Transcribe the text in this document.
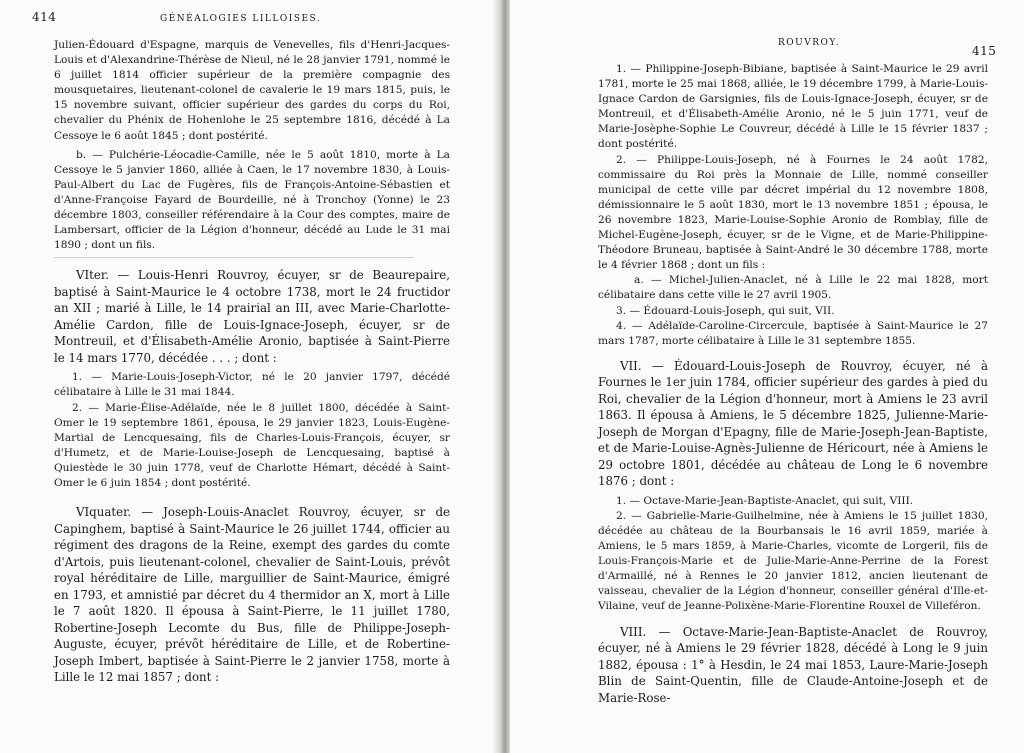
414	GÉNÉALOGIES LILLOISES.

Julien-Édouard d'Espagne, marquis de Venevelles, fils d'Henri-Jacques-Louis et d'Alexandrine-Thérèse de Nieul, né le 28 janvier 1791, nommé le 6 juillet 1814 officier supérieur de la première compagnie des mousquetaires, lieutenant-colonel de cavalerie le 19 mars 1815, puis, le 15 novembre suivant, officier supérieur des gardes du corps du Roi, chevalier du Phénix de Hohenlohe le 25 septembre 1816, décédé à La Cessoye le 6 août 1845 ; dont postérité.

b. — Pulchérie-Léocadie-Camille, née le 5 août 1810, morte à La Cessoye le 5 janvier 1860, alliée à Caen, le 17 novembre 1830, à Louis-Paul-Albert du Lac de Fugères, fils de François-Antoine-Sébastien et d'Anne-Françoise Fayard de Bourdeille, né à Tronchoy (Yonne) le 23 décembre 1803, conseiller référendaire à la Cour des comptes, maire de Lambersart, officier de la Légion d'honneur, décédé au Lude le 31 mai 1890 ; dont un fils.

VIter. — Louis-Henri Rouvroy, écuyer, sr de Beaurepaire, baptisé à Saint-Maurice le 4 octobre 1738, mort le 24 fructidor an XII ; marié à Lille, le 14 prairial an III, avec Marie-Charlotte-Amélie Cardon, fille de Louis-Ignace-Joseph, écuyer, sr de Montreuil, et d'Élisabeth-Amélie Aronio, baptisée à Saint-Pierre le 14 mars 1770, décédée . . . ; dont :

1. — Marie-Louis-Joseph-Victor, né le 20 janvier 1797, décédé célibataire à Lille le 31 mai 1844.

2. — Marie-Élise-Adélaïde, née le 8 juillet 1800, décédée à Saint-Omer le 19 septembre 1861, épousa, le 29 janvier 1823, Louis-Eugène-Martial de Lencquesaing, fils de Charles-Louis-François, écuyer, sr d'Humetz, et de Marie-Louise-Joseph de Lencquesaing, baptisé à Quiestède le 30 juin 1778, veuf de Charlotte Hémart, décédé à Saint-Omer le 6 juin 1854 ; dont postérité.

VIquater. — Joseph-Louis-Anaclet Rouvroy, écuyer, sr de Capinghem, baptisé à Saint-Maurice le 26 juillet 1744, officier au régiment des dragons de la Reine, exempt des gardes du comte d'Artois, puis lieutenant-colonel, chevalier de Saint-Louis, prévôt royal héréditaire de Lille, marguillier de Saint-Maurice, émigré en 1793, et amnistié par décret du 4 thermidor an X, mort à Lille le 7 août 1820. Il épousa à Saint-Pierre, le 11 juillet 1780, Robertine-Joseph Lecomte du Bus, fille de Philippe-Joseph-Auguste, écuyer, prévôt héréditaire de Lille, et de Robertine-Joseph Imbert, baptisée à Saint-Pierre le 2 janvier 1758, morte à Lille le 12 mai 1857 ; dont :

ROUVROY.
415

1. — Philippine-Joseph-Bibiane, baptisée à Saint-Maurice le 29 avril 1781, morte le 25 mai 1868, alliée, le 19 décembre 1799, à Marie-Louis-Ignace Cardon de Garsignies, fils de Louis-Ignace-Joseph, écuyer, sr de Montreuil, et d'Élisabeth-Amélie Aronio, né le 5 juin 1771, veuf de Marie-Josèphe-Sophie Le Couvreur, décédé à Lille le 15 février 1837 ; dont postérité.

2. — Philippe-Louis-Joseph, né à Fournes le 24 août 1782, commissaire du Roi près la Monnaie de Lille, nommé conseiller municipal de cette ville par décret impérial du 12 novembre 1808, démissionnaire le 5 août 1830, mort le 13 novembre 1851 ; épousa, le 26 novembre 1823, Marie-Louise-Sophie Aronio de Romblay, fille de Michel-Eugène-Joseph, écuyer, sr de le Vigne, et de Marie-Philippine-Théodore Bruneau, baptisée à Saint-André le 30 décembre 1788, morte le 4 février 1868 ; dont un fils :

a. — Michel-Julien-Anaclet, né à Lille le 22 mai 1828, mort célibataire dans cette ville le 27 avril 1905.

3. — Édouard-Louis-Joseph, qui suit, VII.

4. — Adélaïde-Caroline-Circercule, baptisée à Saint-Maurice le 27 mars 1787, morte célibataire à Lille le 31 septembre 1855.

VII. — Édouard-Louis-Joseph de Rouvroy, écuyer, né à Fournes le 1er juin 1784, officier supérieur des gardes à pied du Roi, chevalier de la Légion d'honneur, mort à Amiens le 23 avril 1863. Il épousa à Amiens, le 5 décembre 1825, Julienne-Marie-Joseph de Morgan d'Epagny, fille de Marie-Joseph-Jean-Baptiste, et de Marie-Louise-Agnès-Julienne de Héricourt, née à Amiens le 29 octobre 1801, décédée au château de Long le 6 novembre 1876 ; dont :

1. — Octave-Marie-Jean-Baptiste-Anaclet, qui suit, VIII.

2. — Gabrielle-Marie-Guilhelmine, née à Amiens le 15 juillet 1830, décédée au château de la Bourbansais le 16 avril 1859, mariée à Amiens, le 5 mars 1859, à Marie-Charles, vicomte de Lorgeril, fils de Louis-François-Marie et de Julie-Marie-Anne-Perrine de la Forest d'Armaillé, né à Rennes le 20 janvier 1812, ancien lieutenant de vaisseau, chevalier de la Légion d'honneur, conseiller général d'Ille-et-Vilaine, veuf de Jeanne-Polixène-Marie-Florentine Rouxel de Villeféron.

VIII. — Octave-Marie-Jean-Baptiste-Anaclet de Rouvroy, écuyer, né à Amiens le 29 février 1828, décédé à Long le 9 juin 1882, épousa : 1° à Hesdin, le 24 mai 1853, Laure-Marie-Joseph Blin de Saint-Quentin, fille de Claude-Antoine-Joseph et de Marie-Rose-
